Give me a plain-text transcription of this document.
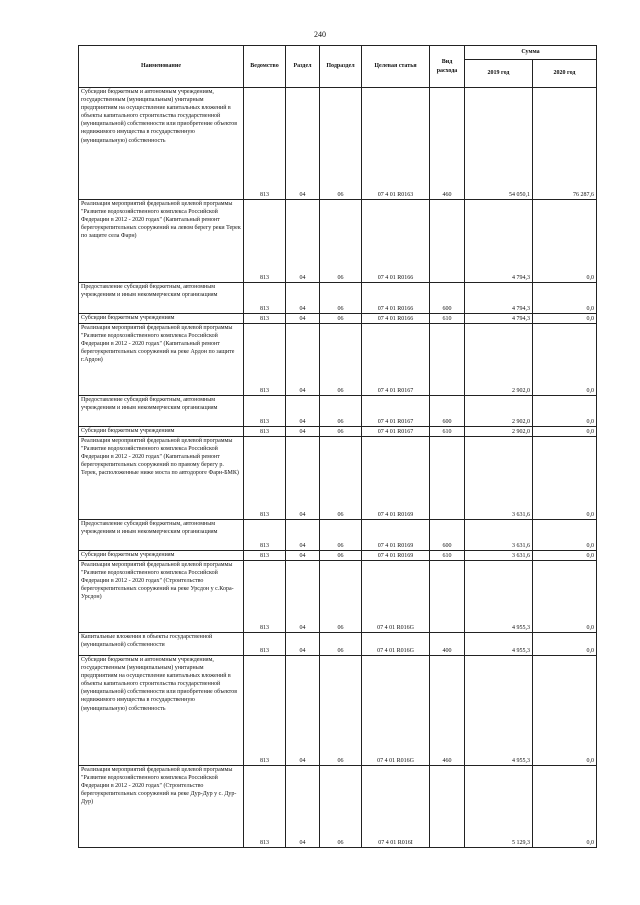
240
Наименование	Ведомство	Раздел	Подраздел	Целевая статья	Вид расхода	Сумма	
						2019 год	2020 год
Субсидии бюджетным и автономным учреждениям, государственным (муниципальным) унитарным предприятиям на осуществление капитальных вложений в объекты капитального строительства государственной (муниципальной) собственности или приобретение объектов недвижимого имущества в государственную (муниципальную) собственность	813	04	06	07 4 01 R0163	460	54 050,1	76 287,6
Реализация мероприятий федеральной целевой программы "Развитие водохозяйственного комплекса Российской Федерации в 2012 - 2020 годах" (Капитальный ремонт берегоукрепительных сооружений на левом берегу реки Терек по защите села Фарн)	813	04	06	07 4 01 R0166		4 794,3	0,0
Предоставление субсидий бюджетным, автономным учреждениям и иным некоммерческим организациям	813	04	06	07 4 01 R0166	600	4 794,3	0,0
Субсидии бюджетным учреждениям	813	04	06	07 4 01 R0166	610	4 794,3	0,0
Реализация мероприятий федеральной целевой программы "Развитие водохозяйственного комплекса Российской Федерации в 2012 - 2020 годах" (Капитальный ремонт берегоукрепительных сооружений на реке Ардон по защите г.Ардон)	813	04	06	07 4 01 R0167		2 902,0	0,0
Предоставление субсидий бюджетным, автономным учреждениям и иным некоммерческим организациям	813	04	06	07 4 01 R0167	600	2 902,0	0,0
Субсидии бюджетным учреждениям	813	04	06	07 4 01 R0167	610	2 902,0	0,0
Реализация мероприятий федеральной целевой программы "Развитие водохозяйственного комплекса Российской Федерации в 2012 - 2020 годах" (Капитальный ремонт берегоукрепительных сооружений по правому берегу р. Терек, расположенные ниже моста по автодороге Фарн-БМК)	813	04	06	07 4 01 R0169		3 631,6	0,0
Предоставление субсидий бюджетным, автономным учреждениям и иным некоммерческим организациям	813	04	06	07 4 01 R0169	600	3 631,6	0,0
Субсидии бюджетным учреждениям	813	04	06	07 4 01 R0169	610	3 631,6	0,0
Реализация мероприятий федеральной целевой программы "Развитие водохозяйственного комплекса Российской Федерации в 2012 - 2020 годах" (Строительство берегоукрепительных сооружений на реке Урсдон у с.Кора-Урсдон)	813	04	06	07 4 01 R016G		4 955,3	0,0
Капитальные вложения в объекты государственной (муниципальной) собственности	813	04	06	07 4 01 R016G	400	4 955,3	0,0
Субсидии бюджетным и автономным учреждениям, государственным (муниципальным) унитарным предприятиям на осуществление капитальных вложений в объекты капитального строительства государственной (муниципальной) собственности или приобретение объектов недвижимого имущества в государственную (муниципальную) собственность	813	04	06	07 4 01 R016G	460	4 955,3	0,0
Реализация мероприятий федеральной целевой программы "Развитие водохозяйственного комплекса Российской Федерации в 2012 - 2020 годах" (Строительство берегоукрепительных сооружений на реке Дур-Дур у с. Дур-Дур)	813	04	06	07 4 01 R016I		5 129,3	0,0
